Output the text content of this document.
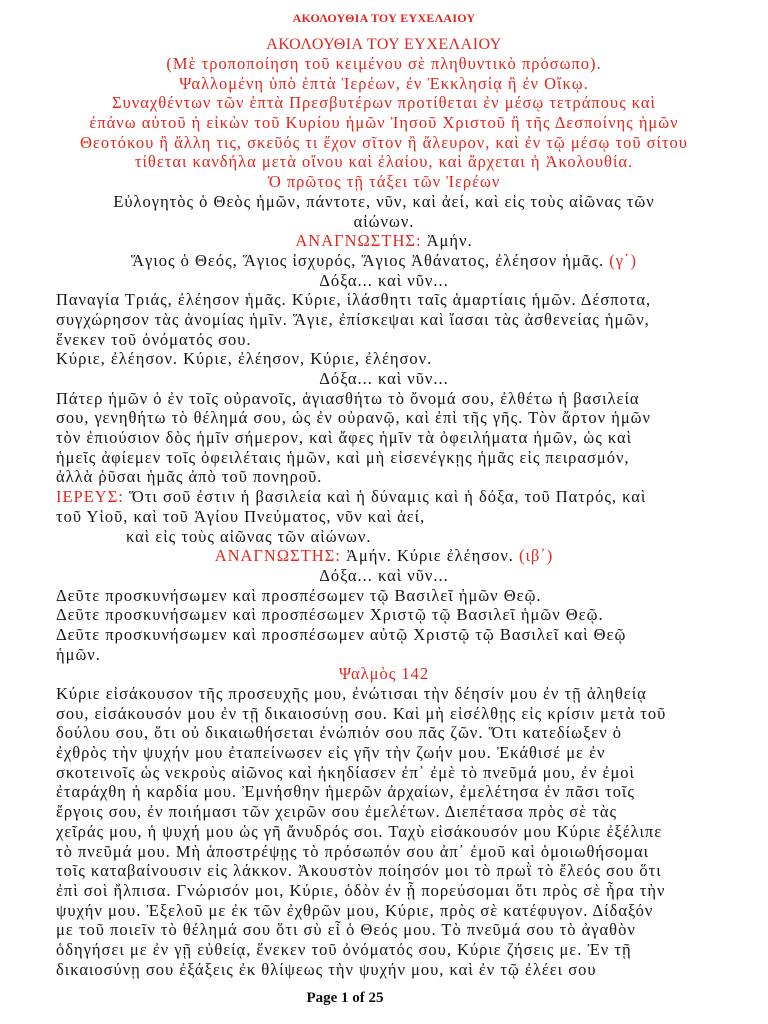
ΑΚΟΛΟΥΘΙΑ ΤΟΥ ΕΥΧΕΛΑΙΟΥ
ΑΚΟΛΟΥΘΙΑ ΤΟΥ ΕΥΧΕΛΑΙΟΥ
(Μὲ τροποποίηση τοῦ κειμένου σὲ πληθυντικὸ πρόσωπο).
Ψαλλομένη ὑπὸ ἑπτὰ Ἱερέων, ἐν Ἐκκλησίᾳ ἢ ἐν Οἴκῳ.
Συναχθέντων τῶν ἑπτὰ Πρεσβυτέρων προτίθεται ἐν μέσῳ τετράπους καὶ
ἐπάνω αὐτοῦ ἡ εἰκὼν τοῦ Κυρίου ἡμῶν Ἰησοῦ Χριστοῦ ἢ τῆς Δεσποίνης ἡμῶν
Θεοτόκου ἢ ἄλλη τις, σκεῦός τι ἔχον σῖτον ἢ ἄλευρον, καὶ ἐν τῷ μέσῳ τοῦ σίτου
τίθεται κανδήλα μετὰ οἴνου καὶ ἐλαίου, καὶ ἄρχεται ἡ Ἀκολουθία.
Ὁ πρῶτος τῇ τάξει τῶν Ἱερέων
Εὐλογητὸς ὁ Θεὸς ἡμῶν, πάντοτε, νῦν, καὶ ἀεί, καὶ εἰς τοὺς αἰῶνας τῶν
αἰώνων.
ΑΝΑΓΝΩΣΤΗΣ: Ἀμήν.
Ἅγιος ὁ Θεός, Ἅγιος ἰσχυρός, Ἅγιος Ἀθάνατος, ἐλέησον ἡμᾶς. (γ΄)
Δόξα... καὶ νῦν...
Παναγία Τριάς, ἐλέησον ἡμᾶς. Κύριε, ἱλάσθητι ταῖς ἁμαρτίαις ἡμῶν. Δέσποτα,
συγχώρησον τὰς ἀνομίας ἡμῖν. Ἅγιε, ἐπίσκεψαι καὶ ἴασαι τὰς ἀσθενείας ἡμῶν,
ἕνεκεν τοῦ ὀνόματός σου.
Κύριε, ἐλέησον. Κύριε, ἐλέησον, Κύριε, ἐλέησον.
Δόξα... καὶ νῦν...
Πάτερ ἡμῶν ὁ ἐν τοῖς οὐρανοῖς, ἁγιασθήτω τὸ ὄνομά σου, ἐλθέτω ἡ βασιλεία
σου, γενηθήτω τὸ θέλημά σου, ὡς ἐν οὐρανῷ, καὶ ἐπὶ τῆς γῆς. Τὸν ἄρτον ἡμῶν
τὸν ἐπιούσιον δὸς ἡμῖν σήμερον, καὶ ἄφες ἡμῖν τὰ ὀφειλήματα ἡμῶν, ὡς καὶ
ἡμεῖς ἀφίεμεν τοῖς ὀφειλέταις ἡμῶν, καὶ μὴ εἰσενέγκῃς ἡμᾶς εἰς πειρασμόν,
ἀλλὰ ῥῦσαι ἡμᾶς ἀπὸ τοῦ πονηροῦ.
ΙΕΡΕΥΣ: Ὅτι σοῦ ἐστιν ἡ βασιλεία καὶ ἡ δύναμις καὶ ἡ δόξα, τοῦ Πατρός, καὶ
τοῦ Υἱοῦ, καὶ τοῦ Ἁγίου Πνεύματος, νῦν καὶ ἀεί,
καὶ εἰς τοὺς αἰῶνας τῶν αἰώνων.
ΑΝΑΓΝΩΣΤΗΣ: Ἀμήν. Κύριε ἐλέησον. (ιβ΄)
Δόξα... καὶ νῦν...
Δεῦτε προσκυνήσωμεν καὶ προσπέσωμεν τῷ Βασιλεῖ ἡμῶν Θεῷ.
Δεῦτε προσκυνήσωμεν καὶ προσπέσωμεν Χριστῷ τῷ Βασιλεῖ ἡμῶν Θεῷ.
Δεῦτε προσκυνήσωμεν καὶ προσπέσωμεν αὐτῷ Χριστῷ τῷ Βασιλεῖ καὶ Θεῷ
ἡμῶν.
Ψαλμὸς 142
Κύριε εἰσάκουσον τῆς προσευχῆς μου, ἐνώτισαι τὴν δέησίν μου ἐν τῇ ἀληθείᾳ
σου, εἰσάκουσόν μου ἐν τῇ δικαιοσύνῃ σου. Καὶ μὴ εἰσέλθῃς εἰς κρίσιν μετὰ τοῦ
δούλου σου, ὅτι οὐ δικαιωθήσεται ἐνώπιόν σου πᾶς ζῶν. Ὅτι κατεδίωξεν ὁ
ἐχθρὸς τὴν ψυχήν μου ἐταπείνωσεν εἰς γῆν τὴν ζωήν μου. Ἐκάθισέ με ἐν
σκοτεινοῖς ὡς νεκροὺς αἰῶνος καὶ ἠκηδίασεν ἐπ᾿ ἐμὲ τὸ πνεῦμά μου, ἐν ἐμοὶ
ἐταράχθη ἡ καρδία μου. Ἐμνήσθην ἡμερῶν ἀρχαίων, ἐμελέτησα ἐν πᾶσι τοῖς
ἔργοις σου, ἐν ποιήμασι τῶν χειρῶν σου ἐμελέτων. Διεπέτασα πρὸς σὲ τὰς
χεῖράς μου, ἡ ψυχή μου ὡς γῆ ἄνυδρός σοι. Ταχὺ εἰσάκουσόν μου Κύριε ἐξέλιπε
τὸ πνεῦμά μου. Μὴ ἀποστρέψῃς τὸ πρόσωπόν σου ἀπ᾿ ἐμοῦ καὶ ὁμοιωθήσομαι
τοῖς καταβαίνουσιν εἰς λάκκον. Ἀκουστὸν ποίησόν μοι τὸ πρωῒ τὸ ἔλεός σου ὅτι
ἐπὶ σοὶ ἤλπισα. Γνώρισόν μοι, Κύριε, ὁδὸν ἐν ᾗ πορεύσομαι ὅτι πρὸς σὲ ἦρα τὴν
ψυχήν μου. Ἐξελοῦ με ἐκ τῶν ἐχθρῶν μου, Κύριε, πρὸς σὲ κατέφυγον. Δίδαξόν
με τοῦ ποιεῖν τὸ θέλημά σου ὅτι σὺ εἶ ὁ Θεός μου. Τὸ πνεῦμά σου τὸ ἀγαθὸν
ὁδηγήσει με ἐν γῇ εὐθείᾳ, ἕνεκεν τοῦ ὀνόματός σου, Κύριε ζήσεις με. Ἐν τῇ
δικαιοσύνῃ σου ἐξάξεις ἐκ θλίψεως τὴν ψυχήν μου, καὶ ἐν τῷ ἐλέει σου
Page 1 of 25
